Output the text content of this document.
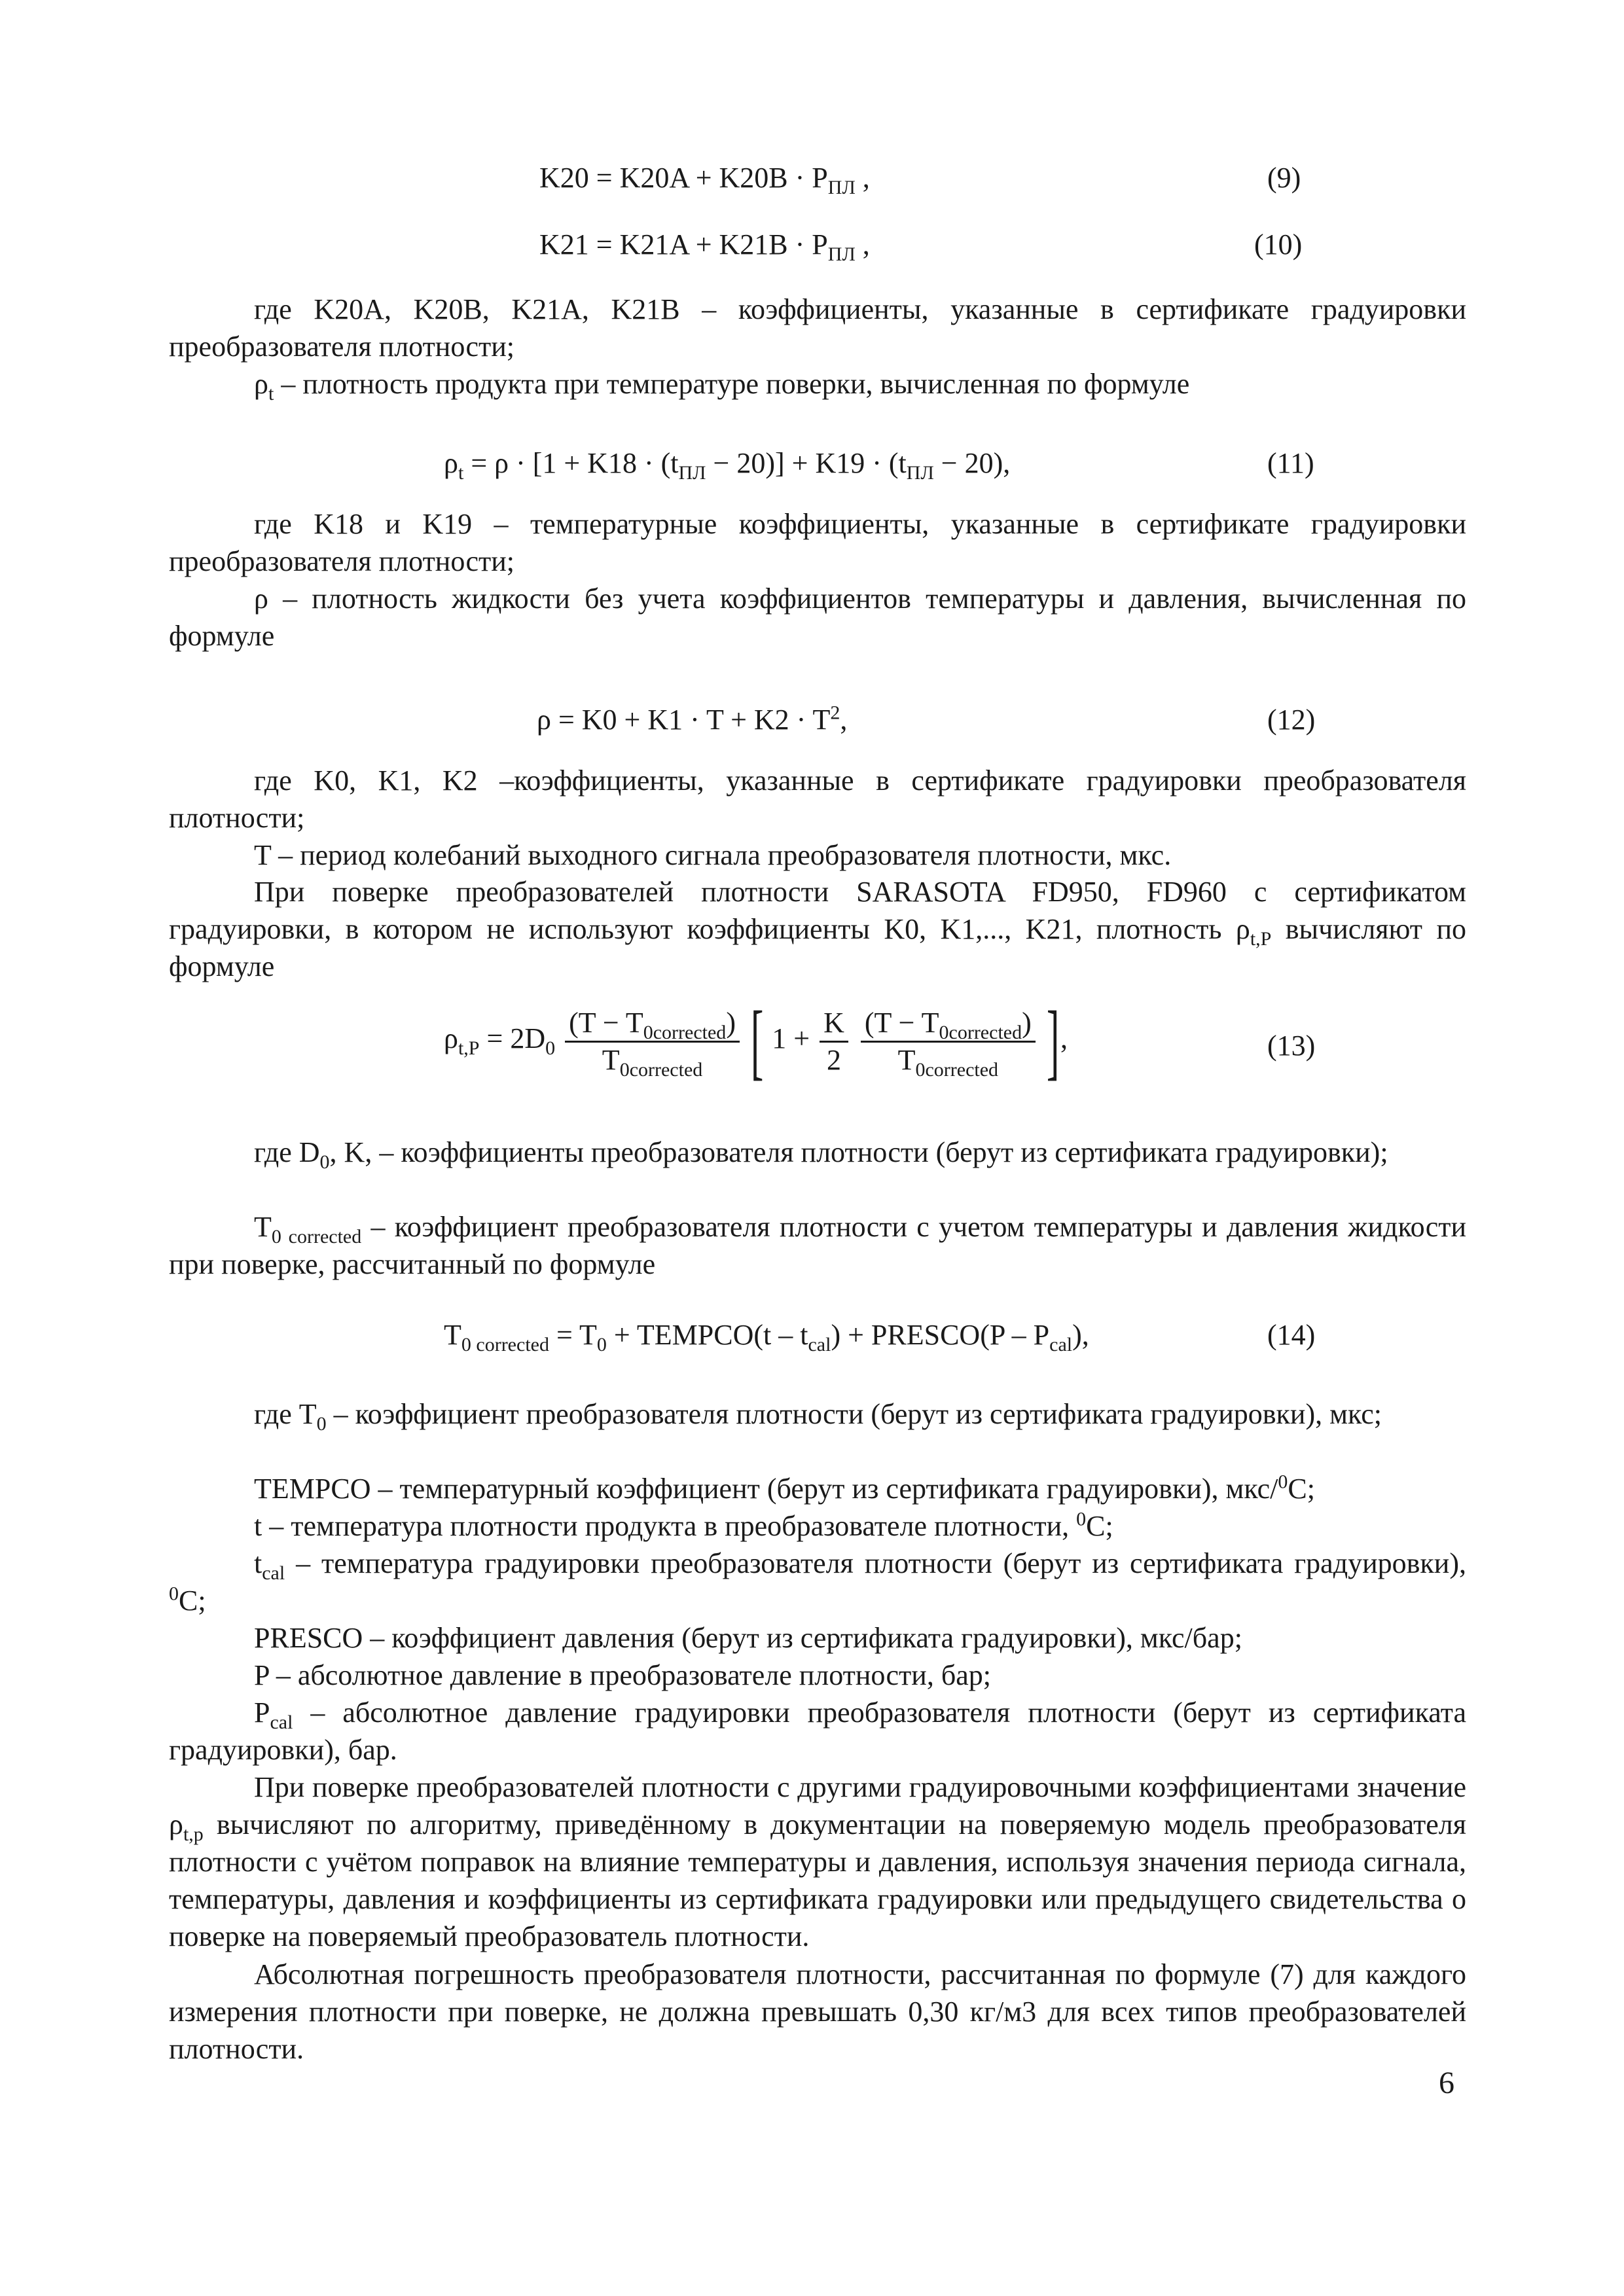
$K20 = K20A + K20B \cdot P_{ПЛ}$ ,	(9)
$K21 = K21A + K21B \cdot P_{ПЛ}$ ,	(10)
где K20A, K20B, K21A, K21B – коэффициенты, указанные в сертификате градуировки преобразователя плотности;
$\rho_t$ – плотность продукта при температуре поверки, вычисленная по формуле
$\rho_t = \rho \cdot [1 + K18 \cdot (t_{ПЛ} - 20)] + K19 \cdot (t_{ПЛ} - 20)$,	(11)
где K18 и K19 – температурные коэффициенты, указанные в сертификате градуировки преобразователя плотности;
ρ – плотность жидкости без учета коэффициентов температуры и давления, вычисленная по формуле
$\rho = K0 + K1 \cdot T + K2 \cdot T^2$,	(12)
где K0, K1, K2 –коэффициенты, указанные в сертификате градуировки преобразователя плотности;
T – период колебаний выходного сигнала преобразователя плотности, мкс.
При поверке преобразователей плотности SARASOTA FD950, FD960 с сертификатом градуировки, в котором не используют коэффициенты K0, K1,..., K21, плотность $\rho_{t,P}$ вычисляют по формуле
$\rho_{t,P} = 2D_0 \frac{(T - T_{0corrected})}{T_{0corrected}}$ [ $1 + \frac{K}{2}$
$\frac{(T - T_{0corrected})}{T_{0corrected}}$ ],	(13)
где $D_0$, K, – коэффициенты преобразователя плотности (берут из сертификата градуировки);
$T_{0 corrected}$ – коэффициент преобразователя плотности с учетом температуры и давления жидкости при поверке, рассчитанный по формуле
$T_{0 corrected} = T_0$ + TEMPCO(t – $t_{cal}$) + PRESCO(P – $P_{cal}$),	(14)
где $T_0$ – коэффициент преобразователя плотности (берут из сертификата градуировки), мкс;
TEMPCO – температурный коэффициент (берут из сертификата градуировки), мкс/$^0$C;
t – температура плотности продукта в преобразователе плотности, $^0$C;
$t_{cal}$ – температура градуировки преобразователя плотности (берут из сертификата градуировки), $^0$C;
PRESCO – коэффициент давления (берут из сертификата градуировки), мкс/бар;
P – абсолютное давление в преобразователе плотности, бар;
$P_{cal}$ – абсолютное давление градуировки преобразователя плотности (берут из сертификата градуировки), бар.
При поверке преобразователей плотности с другими градуировочными коэффициентами значение $\rho_{t,p}$ вычисляют по алгоритму, приведённому в документации на поверяемую модель преобразователя плотности с учётом поправок на влияние температуры и давления, используя значения периода сигнала, температуры, давления и коэффициенты из сертификата градуировки или предыдущего свидетельства о поверке на поверяемый преобразователь плотности.
Абсолютная погрешность преобразователя плотности, рассчитанная по формуле (7) для каждого измерения плотности при поверке, не должна превышать 0,30 кг/м3 для всех типов преобразователей плотности.
6
